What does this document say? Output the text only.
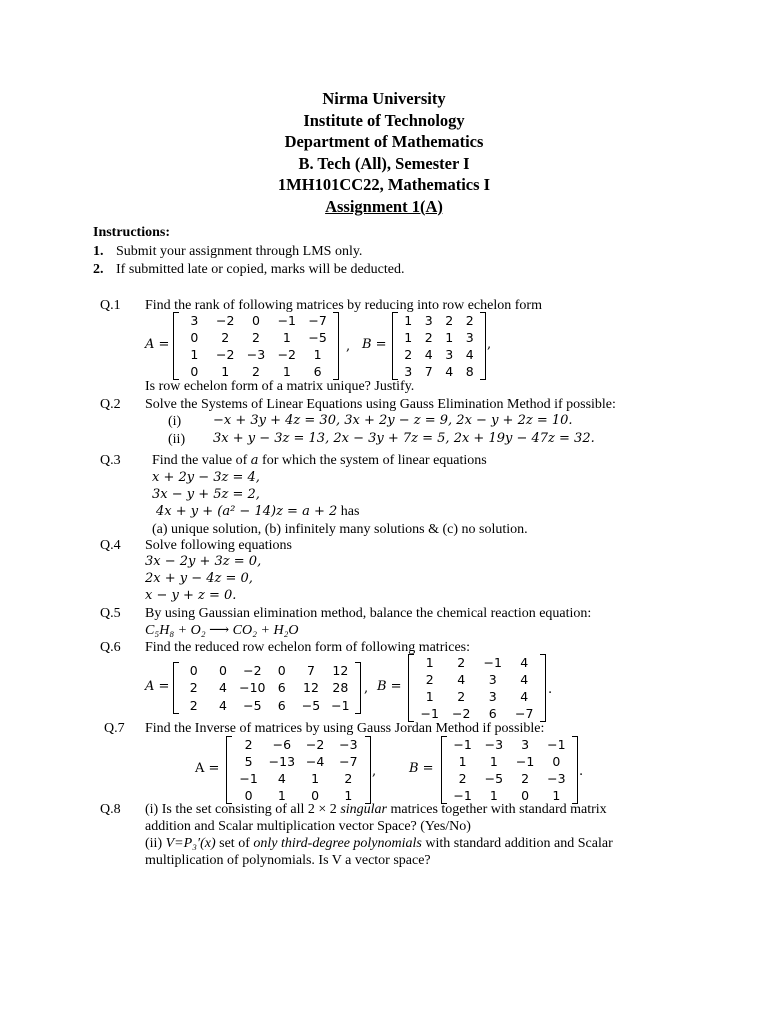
Nirma University
Institute of Technology
Department of Mathematics
B. Tech (All), Semester I
1MH101CC22, Mathematics I
Assignment 1(A)
Instructions:
1. Submit your assignment through LMS only.
2. If submitted late or copied, marks will be deducted.
Q.1 Find the rank of following matrices by reducing into row echelon form
A =
3	−2	0	−1 −7
0	2	2	1	−5
1	−2 −3 −2	1
0	1	2	1	6
, B =
1	3	2	2
1	2	1	3
2	4	3	4
3	7	4	8
,
Is row echelon form of a matrix unique? Justify.
Q.2 Solve the Systems of Linear Equations using Gauss Elimination Method if possible:
(i) −x + 3y + 4z = 30, 3x + 2y − z = 9, 2x − y + 2z = 10.
(ii) 3x + y − 3z = 13, 2x − 3y + 7z = 5, 2x + 19y − 47z = 32.
Q.3 Find the value of a for which the system of linear equations
x + 2y − 3z = 4,
3x − y + 5z = 2,
4x + y + (a² − 14)z = a + 2 has
(a) unique solution, (b) infinitely many solutions & (c) no solution.
Q.4 Solve following equations
3x − 2y + 3z = 0,
2x + y − 4z = 0,
x − y + z = 0.
Q.5 By using Gaussian elimination method, balance the chemical reaction equation:
C₅H₈ + O₂ ⟶ CO₂ + H₂O
Q.6 Find the reduced row echelon form of following matrices:
A =
0	0	−2	0	7	12
2	4 −10 6	12	28
2	4	−5	6	−5 −1
, B =
1	2	−1	4
2	4	3	4
1	2	3	4
−1	−2	6	−7
.
Q.7 Find the Inverse of matrices by using Gauss Jordan Method if possible:
A =
2	−6	−2	−3
5	−13 −4	−7
−1	4	1	2
0	1	0	1
,	B =
−1	−3	3	−1
1	1	−1	0
2	−5	2	−3
−1	1	0	1
.
Q.8 (i) Is the set consisting of all 2 × 2 singular matrices together with standard matrix
addition and Scalar multiplication vector Space? (Yes/No)
(ii) V=P₃′(x) set of only third-degree polynomials with standard addition and Scalar
multiplication of polynomials. Is V a vector space?
